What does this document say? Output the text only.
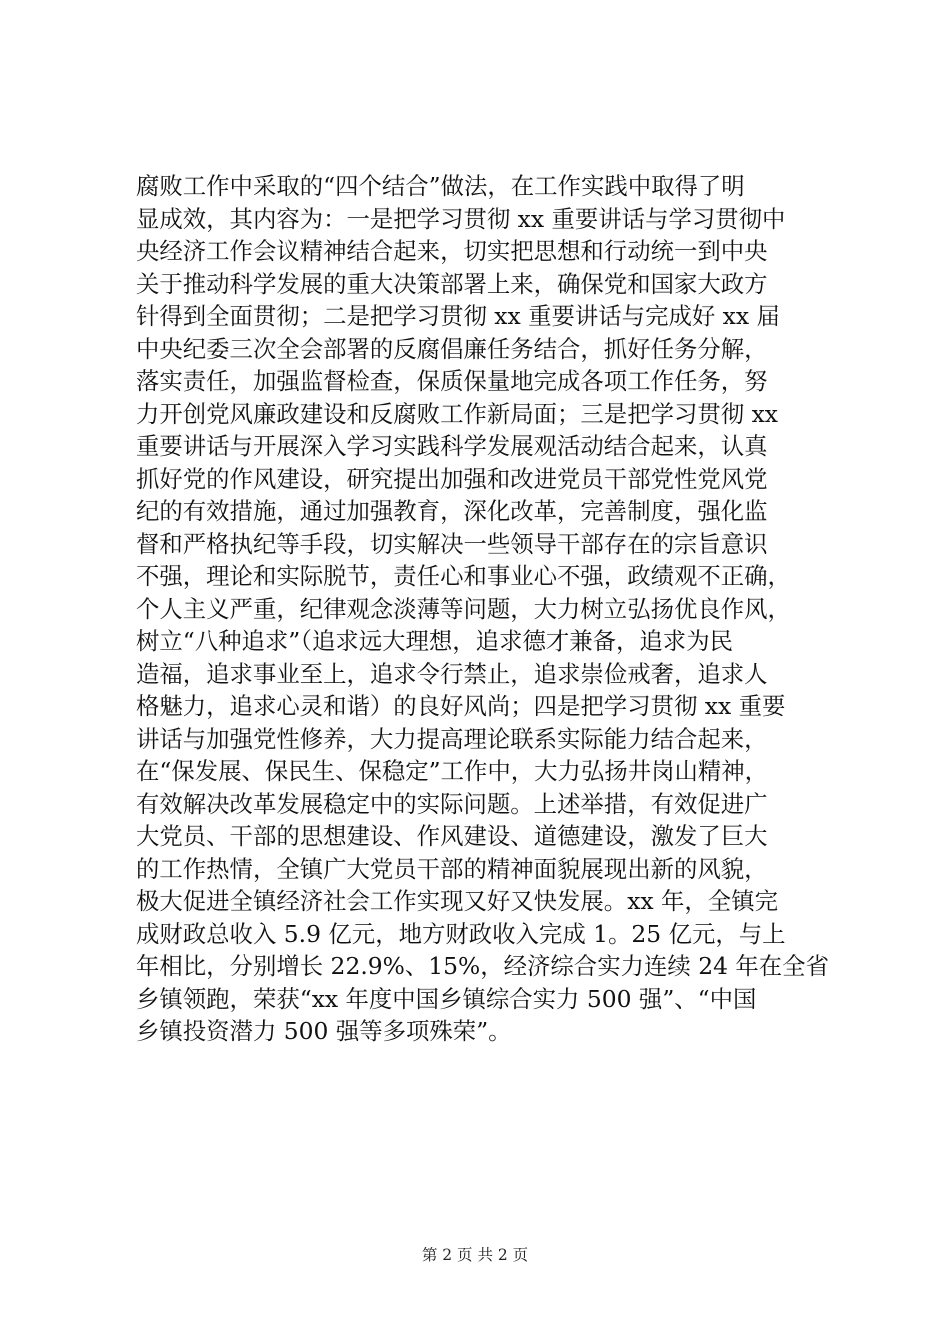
腐败工作中采取的“四个结合”做法，在工作实践中取得了明
显成效，其内容为：一是把学习贯彻 xx 重要讲话与学习贯彻中
央经济工作会议精神结合起来，切实把思想和行动统一到中央
关于推动科学发展的重大决策部署上来，确保党和国家大政方
针得到全面贯彻；二是把学习贯彻 xx 重要讲话与完成好 xx 届
中央纪委三次全会部署的反腐倡廉任务结合，抓好任务分解，
落实责任，加强监督检查，保质保量地完成各项工作任务，努
力开创党风廉政建设和反腐败工作新局面；三是把学习贯彻 xx
重要讲话与开展深入学习实践科学发展观活动结合起来，认真
抓好党的作风建设，研究提出加强和改进党员干部党性党风党
纪的有效措施，通过加强教育，深化改革，完善制度，强化监
督和严格执纪等手段，切实解决一些领导干部存在的宗旨意识
不强，理论和实际脱节，责任心和事业心不强，政绩观不正确，
个人主义严重，纪律观念淡薄等问题，大力树立弘扬优良作风，
树立“八种追求”（追求远大理想，追求德才兼备，追求为民
造福，追求事业至上，追求令行禁止，追求崇俭戒奢，追求人
格魅力，追求心灵和谐）的良好风尚；四是把学习贯彻 xx 重要
讲话与加强党性修养，大力提高理论联系实际能力结合起来，
在“保发展、保民生、保稳定”工作中，大力弘扬井岗山精神，
有效解决改革发展稳定中的实际问题。上述举措，有效促进广
大党员、干部的思想建设、作风建设、道德建设，激发了巨大
的工作热情，全镇广大党员干部的精神面貌展现出新的风貌，
极大促进全镇经济社会工作实现又好又快发展。xx 年，全镇完
成财政总收入 5.9 亿元，地方财政收入完成 1。25 亿元，与上
年相比，分别增长 22.9%、15%，经济综合实力连续 24 年在全省
乡镇领跑，荣获“xx 年度中国乡镇综合实力 500 强”、“中国
乡镇投资潜力 500 强等多项殊荣”。
第 2 页 共 2 页
